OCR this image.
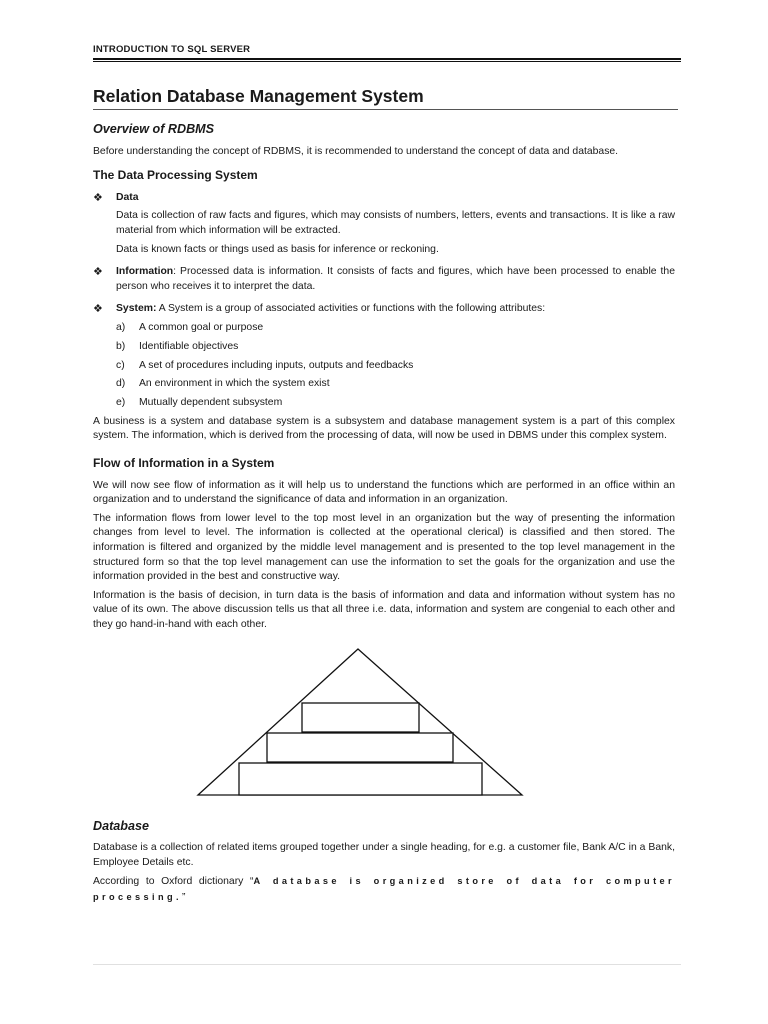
INTRODUCTION TO SQL SERVER
Relation Database Management System
Overview of RDBMS

Before understanding the concept of RDBMS, it is recommended to understand the concept of data and database.

The Data Processing System
❖ Data

Data is collection of raw facts and figures, which may consists of numbers, letters, events and transactions. It is like a raw material from which information will be extracted.

Data is known facts or things used as basis for inference or reckoning.

❖ Information: Processed data is information. It consists of facts and figures, which have been processed to enable the person who receives it to interpret the data.

❖ System: A System is a group of associated activities or functions with the following attributes:

a) A common goal or purpose
b) Identifiable objectives
c) A set of procedures including inputs, outputs and feedbacks
d) An environment in which the system exist
e) Mutually dependent subsystem

A business is a system and database system is a subsystem and database management system is a part of this complex system. The information, which is derived from the processing of data, will now be used in DBMS under this complex system.

Flow of Information in a System

We will now see flow of information as it will help us to understand the functions which are performed in an office within an organization and to understand the significance of data and information in an organization.

The information flows from lower level to the top most level in an organization but the way of presenting the information changes from level to level. The information is collected at the operational clerical) is classified and then stored. The information is filtered and organized by the middle level management and is presented to the top level management in the structured form so that the top level management can use the information to set the goals for the organization and use the information provided in the best and constructive way.

Information is the basis of decision, in turn data is the basis of information and data and information without system has no value of its own. The above discussion tells us that all three i.e. data, information and system are congenial to each other and they go hand-in-hand with each other.

Database

Database is a collection of related items grouped together under a single heading, for e.g. a customer file, Bank A/C in a Bank, Employee Details etc.

According to Oxford dictionary “A database is organized store of data for computer processing.”
